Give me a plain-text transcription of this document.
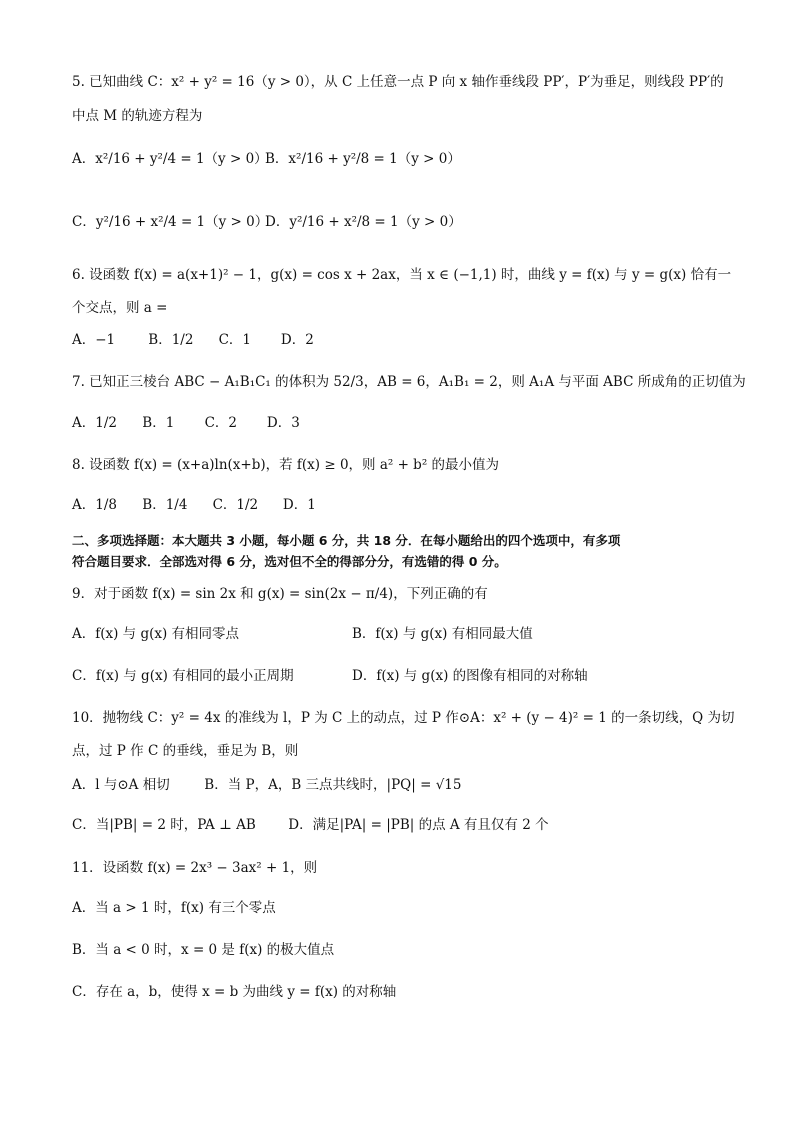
5. 已知曲线 C：x² + y² = 16（y > 0），从 C 上任意一点 P 向 x 轴作垂线段 PP′，P′为垂足，则线段 PP′的
中点 M 的轨迹方程为
A．x²/16 + y²/4 = 1（y > 0）
B．x²/16 + y²/8 = 1（y > 0）
C．y²/16 + x²/4 = 1（y > 0）
D．y²/16 + x²/8 = 1（y > 0）
6. 设函数 f(x) = a(x+1)² − 1，g(x) = cos x + 2ax，当 x ∈ (−1,1) 时，曲线 y = f(x) 与 y = g(x) 恰有一
个交点，则 a =
A．−1 B．1/2 C．1 D．2
7. 已知正三棱台 ABC − A₁B₁C₁ 的体积为 52/3，AB = 6，A₁B₁ = 2，则 A₁A 与平面 ABC 所成角的正切值为
A．1/2 B．1 C．2 D．3
8. 设函数 f(x) = (x+a)ln(x+b)，若 f(x) ≥ 0，则 a² + b² 的最小值为
A．1/8 B．1/4 C．1/2 D．1
二、多项选择题：本大题共 3 小题，每小题 6 分，共 18 分．在每小题给出的四个选项中，有多项
符合题目要求．全部选对得 6 分，选对但不全的得部分分，有选错的得 0 分。
9．对于函数 f(x) = sin 2x 和 g(x) = sin(2x − π/4)，下列正确的有
A．f(x) 与 g(x) 有相同零点	B．f(x) 与 g(x) 有相同最大值
C．f(x) 与 g(x) 有相同的最小正周期	D．f(x) 与 g(x) 的图像有相同的对称轴
10．抛物线 C：y² = 4x 的准线为 l，P 为 C 上的动点，过 P 作⊙A：x² + (y − 4)² = 1 的一条切线，Q 为切
点，过 P 作 C 的垂线，垂足为 B，则
A．l 与⊙A 相切	B．当 P，A，B 三点共线时，|PQ| = √15
C．当|PB| = 2 时，PA ⊥ AB D．满足|PA| = |PB| 的点 A 有且仅有 2 个
11．设函数 f(x) = 2x³ − 3ax² + 1，则
A．当 a > 1 时，f(x) 有三个零点
B．当 a < 0 时，x = 0 是 f(x) 的极大值点
C．存在 a，b，使得 x = b 为曲线 y = f(x) 的对称轴
